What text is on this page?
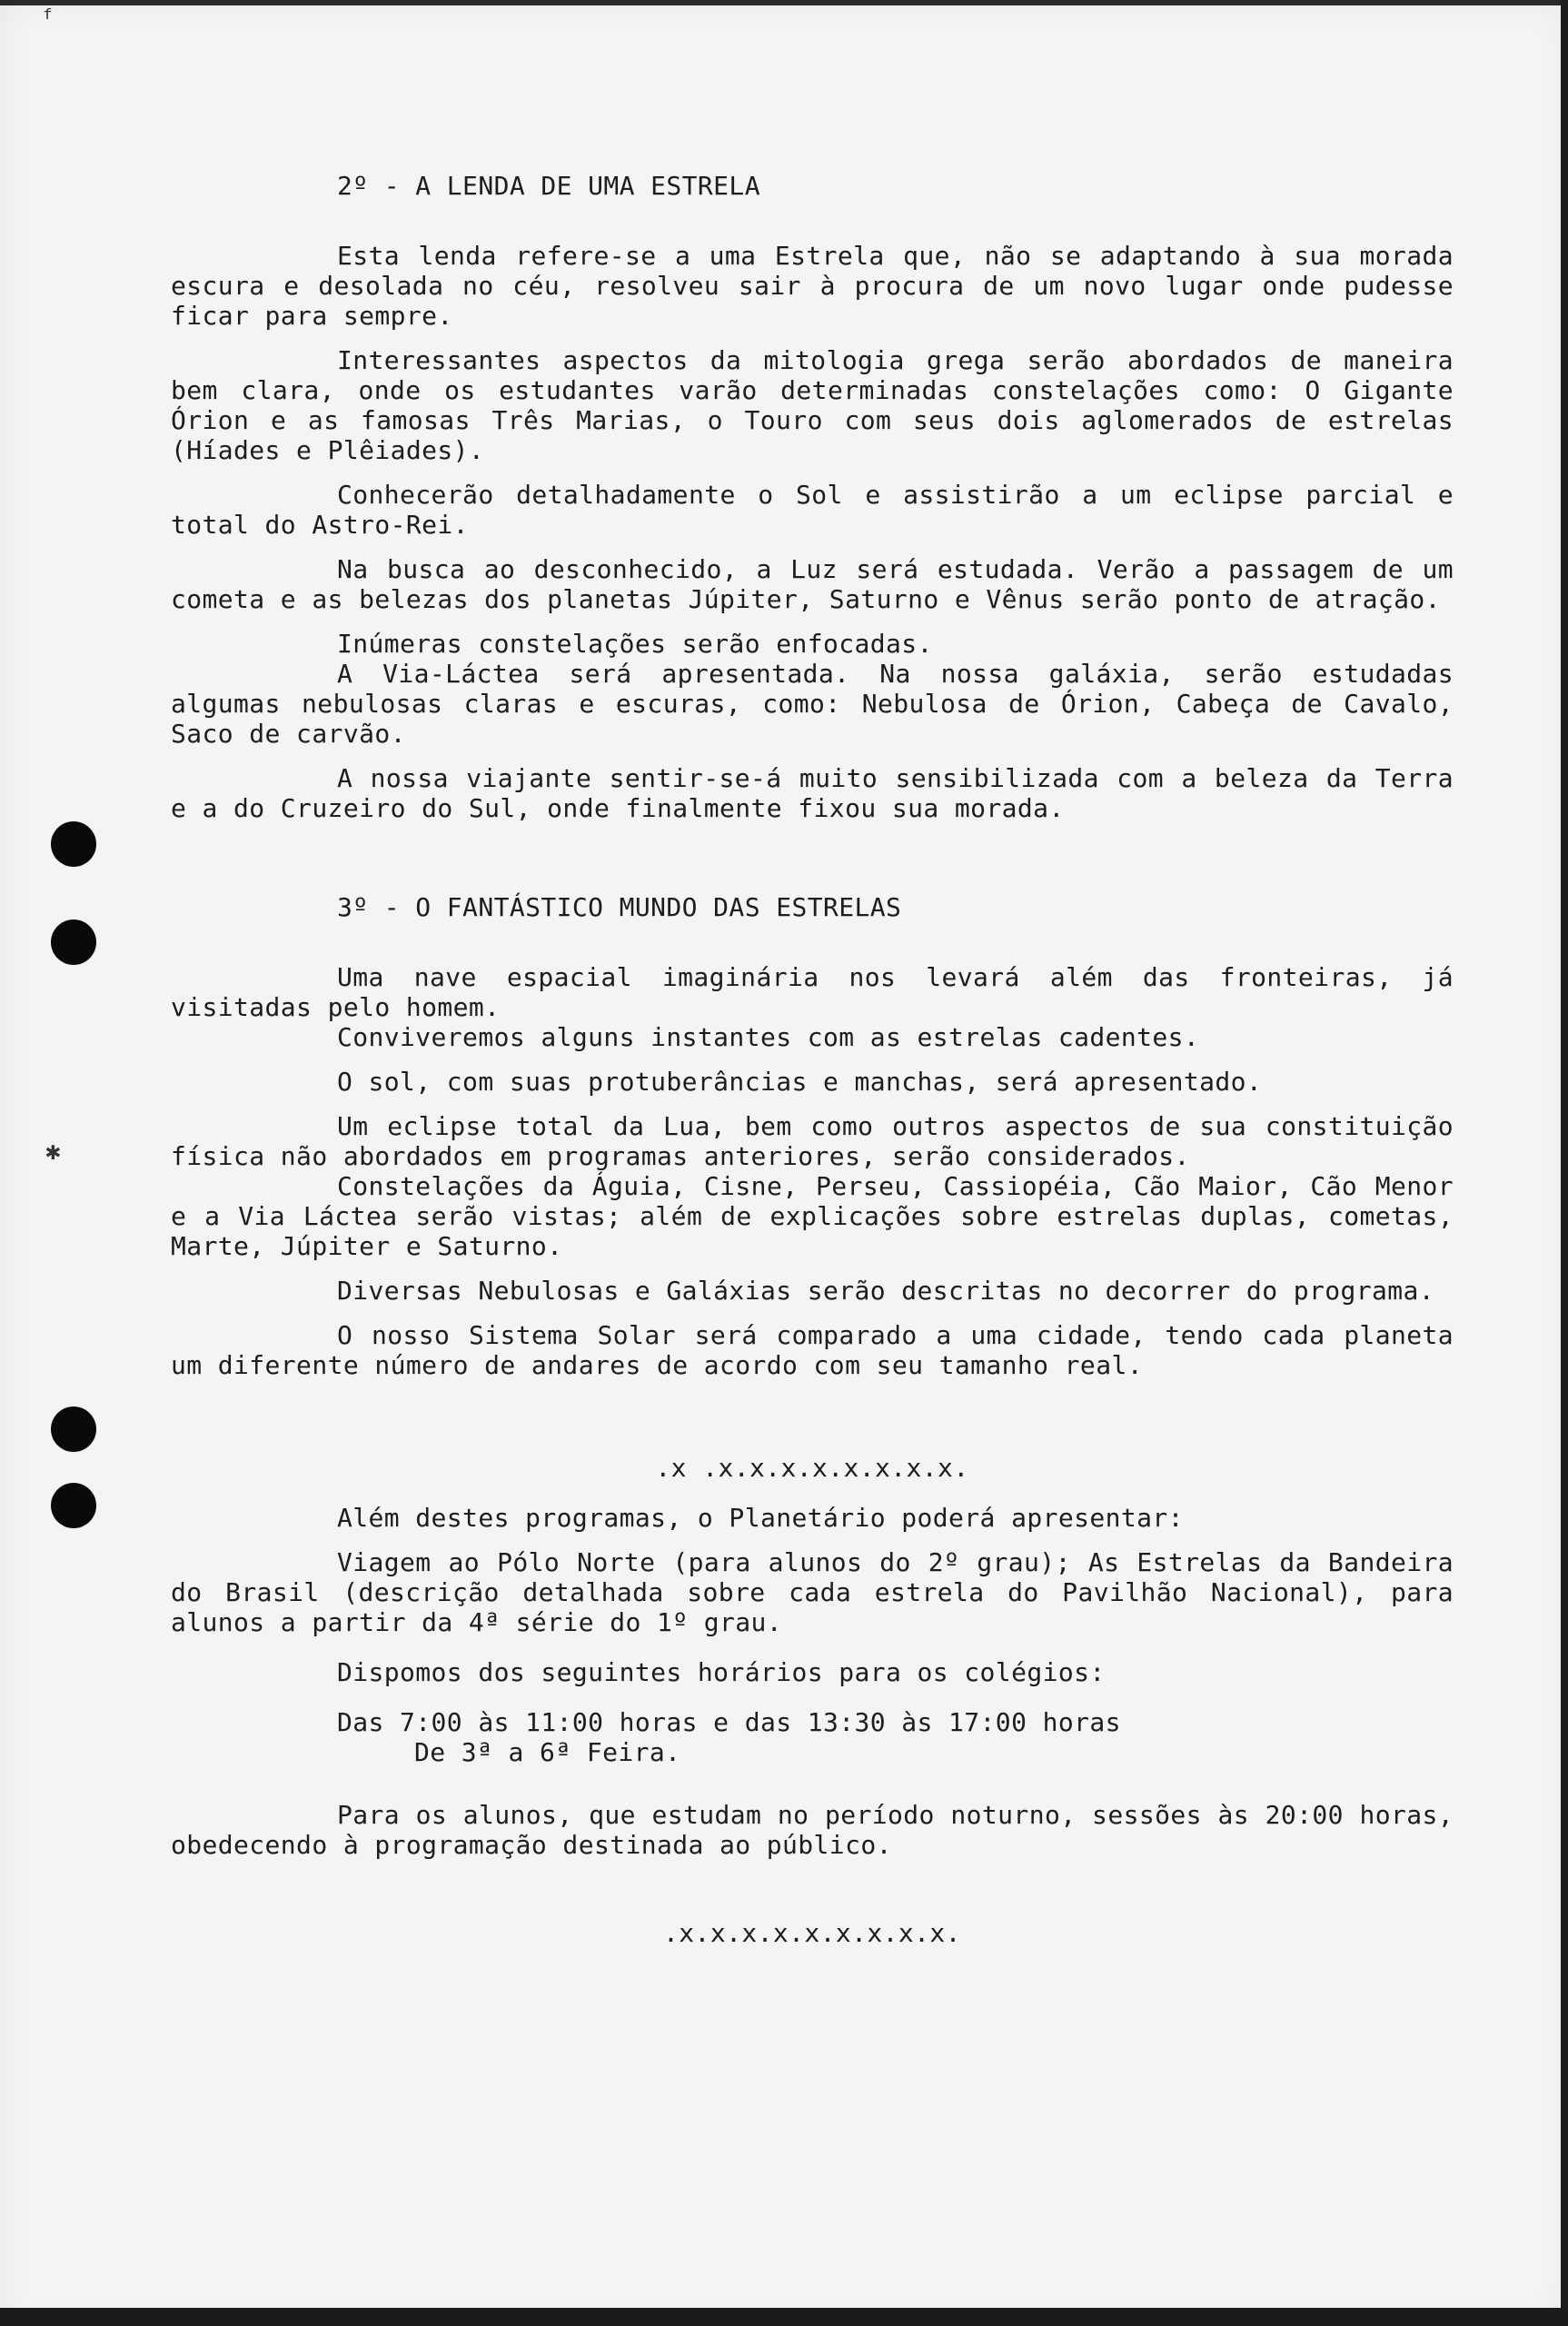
ᶠ
✱

2º - A LENDA DE UMA ESTRELA

Esta lenda refere-se a uma Estrela que, não se adaptando à sua morada escura e desolada no céu, resolveu sair à procura de um novo lugar onde pudesse ficar para sempre.

Interessantes aspectos da mitologia grega serão abordados de maneira bem clara, onde os estudantes varão determinadas constelações como: O Gigante Órion e as famosas Três Marias, o Touro com seus dois aglomerados de estrelas (Híades e Plêiades).

Conhecerão detalhadamente o Sol e assistirão a um eclipse parcial e total do Astro-Rei.

Na busca ao desconhecido, a Luz será estudada. Verão a passagem de um cometa e as belezas dos planetas Júpiter, Saturno e Vênus serão ponto de atração.

Inúmeras constelações serão enfocadas.

A Via-Láctea será apresentada. Na nossa galáxia, serão estudadas algumas nebulosas claras e escuras, como: Nebulosa de Órion, Cabeça de Cavalo, Saco de carvão.

A nossa viajante sentir-se-á muito sensibilizada com a beleza da Terra e a do Cruzeiro do Sul, onde finalmente fixou sua morada.

3º - O FANTÁSTICO MUNDO DAS ESTRELAS

Uma nave espacial imaginária nos levará além das fronteiras, já visitadas pelo homem.

Conviveremos alguns instantes com as estrelas cadentes.

O sol, com suas protuberâncias e manchas, será apresentado.

Um eclipse total da Lua, bem como outros aspectos de sua constituição física não abordados em programas anteriores, serão considerados.

Constelações da Águia, Cisne, Perseu, Cassiopéia, Cão Maior, Cão Menor e a Via Láctea serão vistas; além de explicações sobre estrelas duplas, cometas, Marte, Júpiter e Saturno.

Diversas Nebulosas e Galáxias serão descritas no decorrer do programa.

O nosso Sistema Solar será comparado a uma cidade, tendo cada planeta um diferente número de andares de acordo com seu tamanho real.

.x .x.x.x.x.x.x.x.x.

Além destes programas, o Planetário poderá apresentar:

Viagem ao Pólo Norte (para alunos do 2º grau); As Estrelas da Bandeira do Brasil (descrição detalhada sobre cada estrela do Pavilhão Nacional), para alunos a partir da 4ª série do 1º grau.

Dispomos dos seguintes horários para os colégios:

Das 7:00 às 11:00 horas e das 13:30 às 17:00 horas

De 3ª a 6ª Feira.

Para os alunos, que estudam no período noturno, sessões às 20:00 horas, obedecendo à programação destinada ao público.

.x.x.x.x.x.x.x.x.x.
